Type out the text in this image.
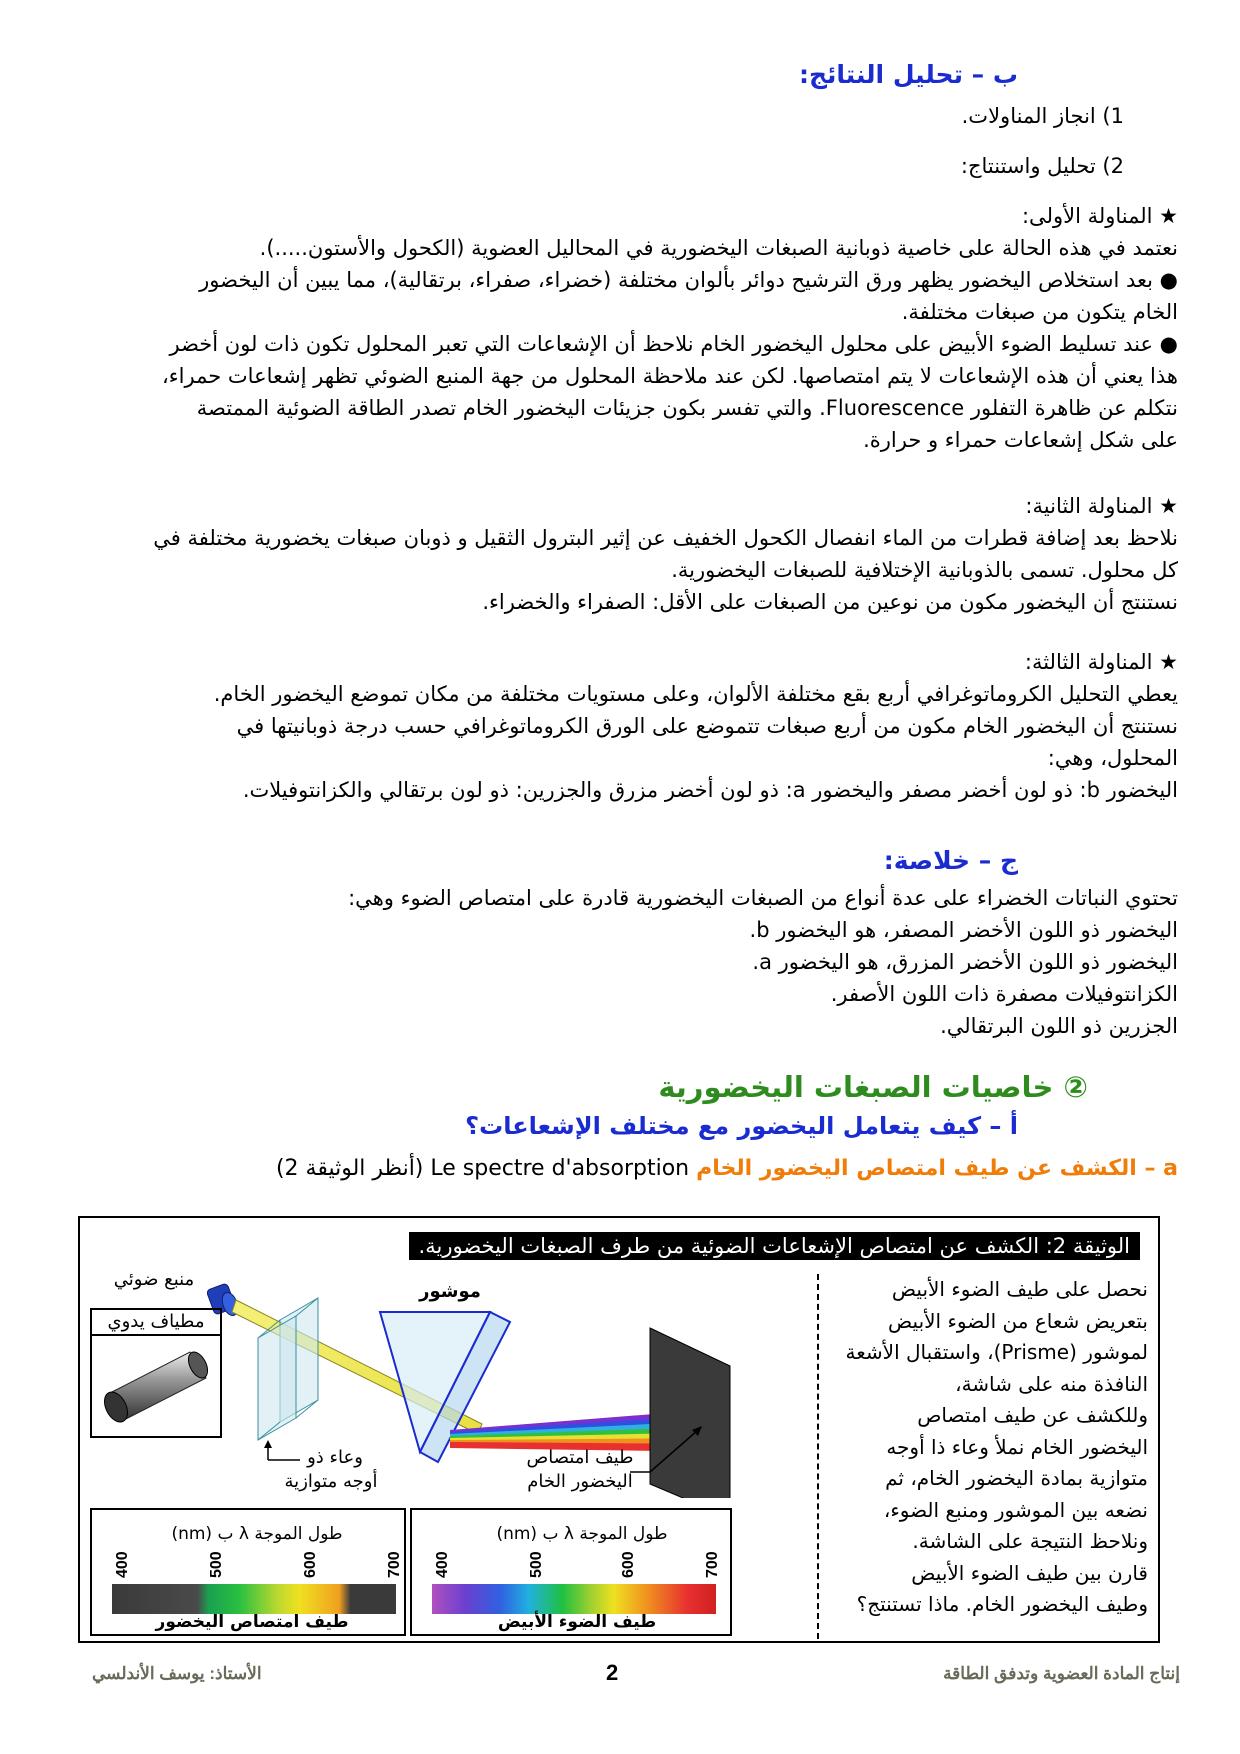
ب – تحليل النتائج:
1) انجاز المناولات.
2) تحليل واستنتاج:
★ المناولة الأولى:
نعتمد في هذه الحالة على خاصية ذوبانية الصبغات اليخضورية في المحاليل العضوية (الكحول والأستون.....).
● بعد استخلاص اليخضور يظهر ورق الترشيح دوائر بألوان مختلفة (خضراء، صفراء، برتقالية)، مما يبين أن اليخضور
الخام يتكون من صبغات مختلفة.
● عند تسليط الضوء الأبيض على محلول اليخضور الخام نلاحظ أن الإشعاعات التي تعبر المحلول تكون ذات لون أخضر
هذا يعني أن هذه الإشعاعات لا يتم امتصاصها. لكن عند ملاحظة المحلول من جهة المنبع الضوئي تظهر إشعاعات حمراء،
نتكلم عن ظاهرة التفلور Fluorescence. والتي تفسر بكون جزيئات اليخضور الخام تصدر الطاقة الضوئية الممتصة
على شكل إشعاعات حمراء و حرارة.
★ المناولة الثانية:
نلاحظ بعد إضافة قطرات من الماء انفصال الكحول الخفيف عن إثير البترول الثقيل و ذوبان صبغات يخضورية مختلفة في
كل محلول. تسمى بالذوبانية الإختلافية للصبغات اليخضورية.
نستنتج أن اليخضور مكون من نوعين من الصبغات على الأقل: الصفراء والخضراء.
★ المناولة الثالثة:
يعطي التحليل الكروماتوغرافي أربع بقع مختلفة الألوان، وعلى مستويات مختلفة من مكان تموضع اليخضور الخام.
نستنتج أن اليخضور الخام مكون من أربع صبغات تتموضع على الورق الكروماتوغرافي حسب درجة ذوبانيتها في
المحلول، وهي:
اليخضور b: ذو لون أخضر مصفر واليخضور a: ذو لون أخضر مزرق والجزرين: ذو لون برتقالي والكزانتوفيلات.
ج – خلاصة:
تحتوي النباتات الخضراء على عدة أنواع من الصبغات اليخضورية قادرة على امتصاص الضوء وهي:
اليخضور ذو اللون الأخضر المصفر، هو اليخضور b.
اليخضور ذو اللون الأخضر المزرق، هو اليخضور a.
الكزانتوفيلات مصفرة ذات اللون الأصفر.
الجزرين ذو اللون البرتقالي.
② خاصيات الصبغات اليخضورية
أ – كيف يتعامل اليخضور مع مختلف الإشعاعات؟
a – الكشف عن طيف امتصاص اليخضور الخام Le spectre d'absorption (أنظر الوثيقة 2)
الوثيقة 2: الكشف عن امتصاص الإشعاعات الضوئية من طرف الصبغات اليخضورية.
نحصل على طيف الضوء الأبيض
بتعريض شعاع من الضوء الأبيض
لموشور (Prisme)، واستقبال الأشعة
النافذة منه على شاشة،
وللكشف عن طيف امتصاص
اليخضور الخام نملأ وعاء ذا أوجه
متوازية بمادة اليخضور الخام، ثم
نضعه بين الموشور ومنبع الضوء،
ونلاحظ النتيجة على الشاشة.
قارن بين طيف الضوء الأبيض
وطيف اليخضور الخام. ماذا تستنتج؟
مطياف يدوي
منبع ضوئي
وعاء ذو
أوجه متوازية
موشور
شاشة
طيف امتصاص
اليخضور الخام
طول الموجة λ ب (nm)
400	500	600	700
طيف امتصاص اليخضور
طول الموجة λ ب (nm)
400	500	600	700
طيف الضوء الأبيض
إنتاج المادة العضوية وتدفق الطاقة
2
الأستاذ: يوسف الأندلسي
